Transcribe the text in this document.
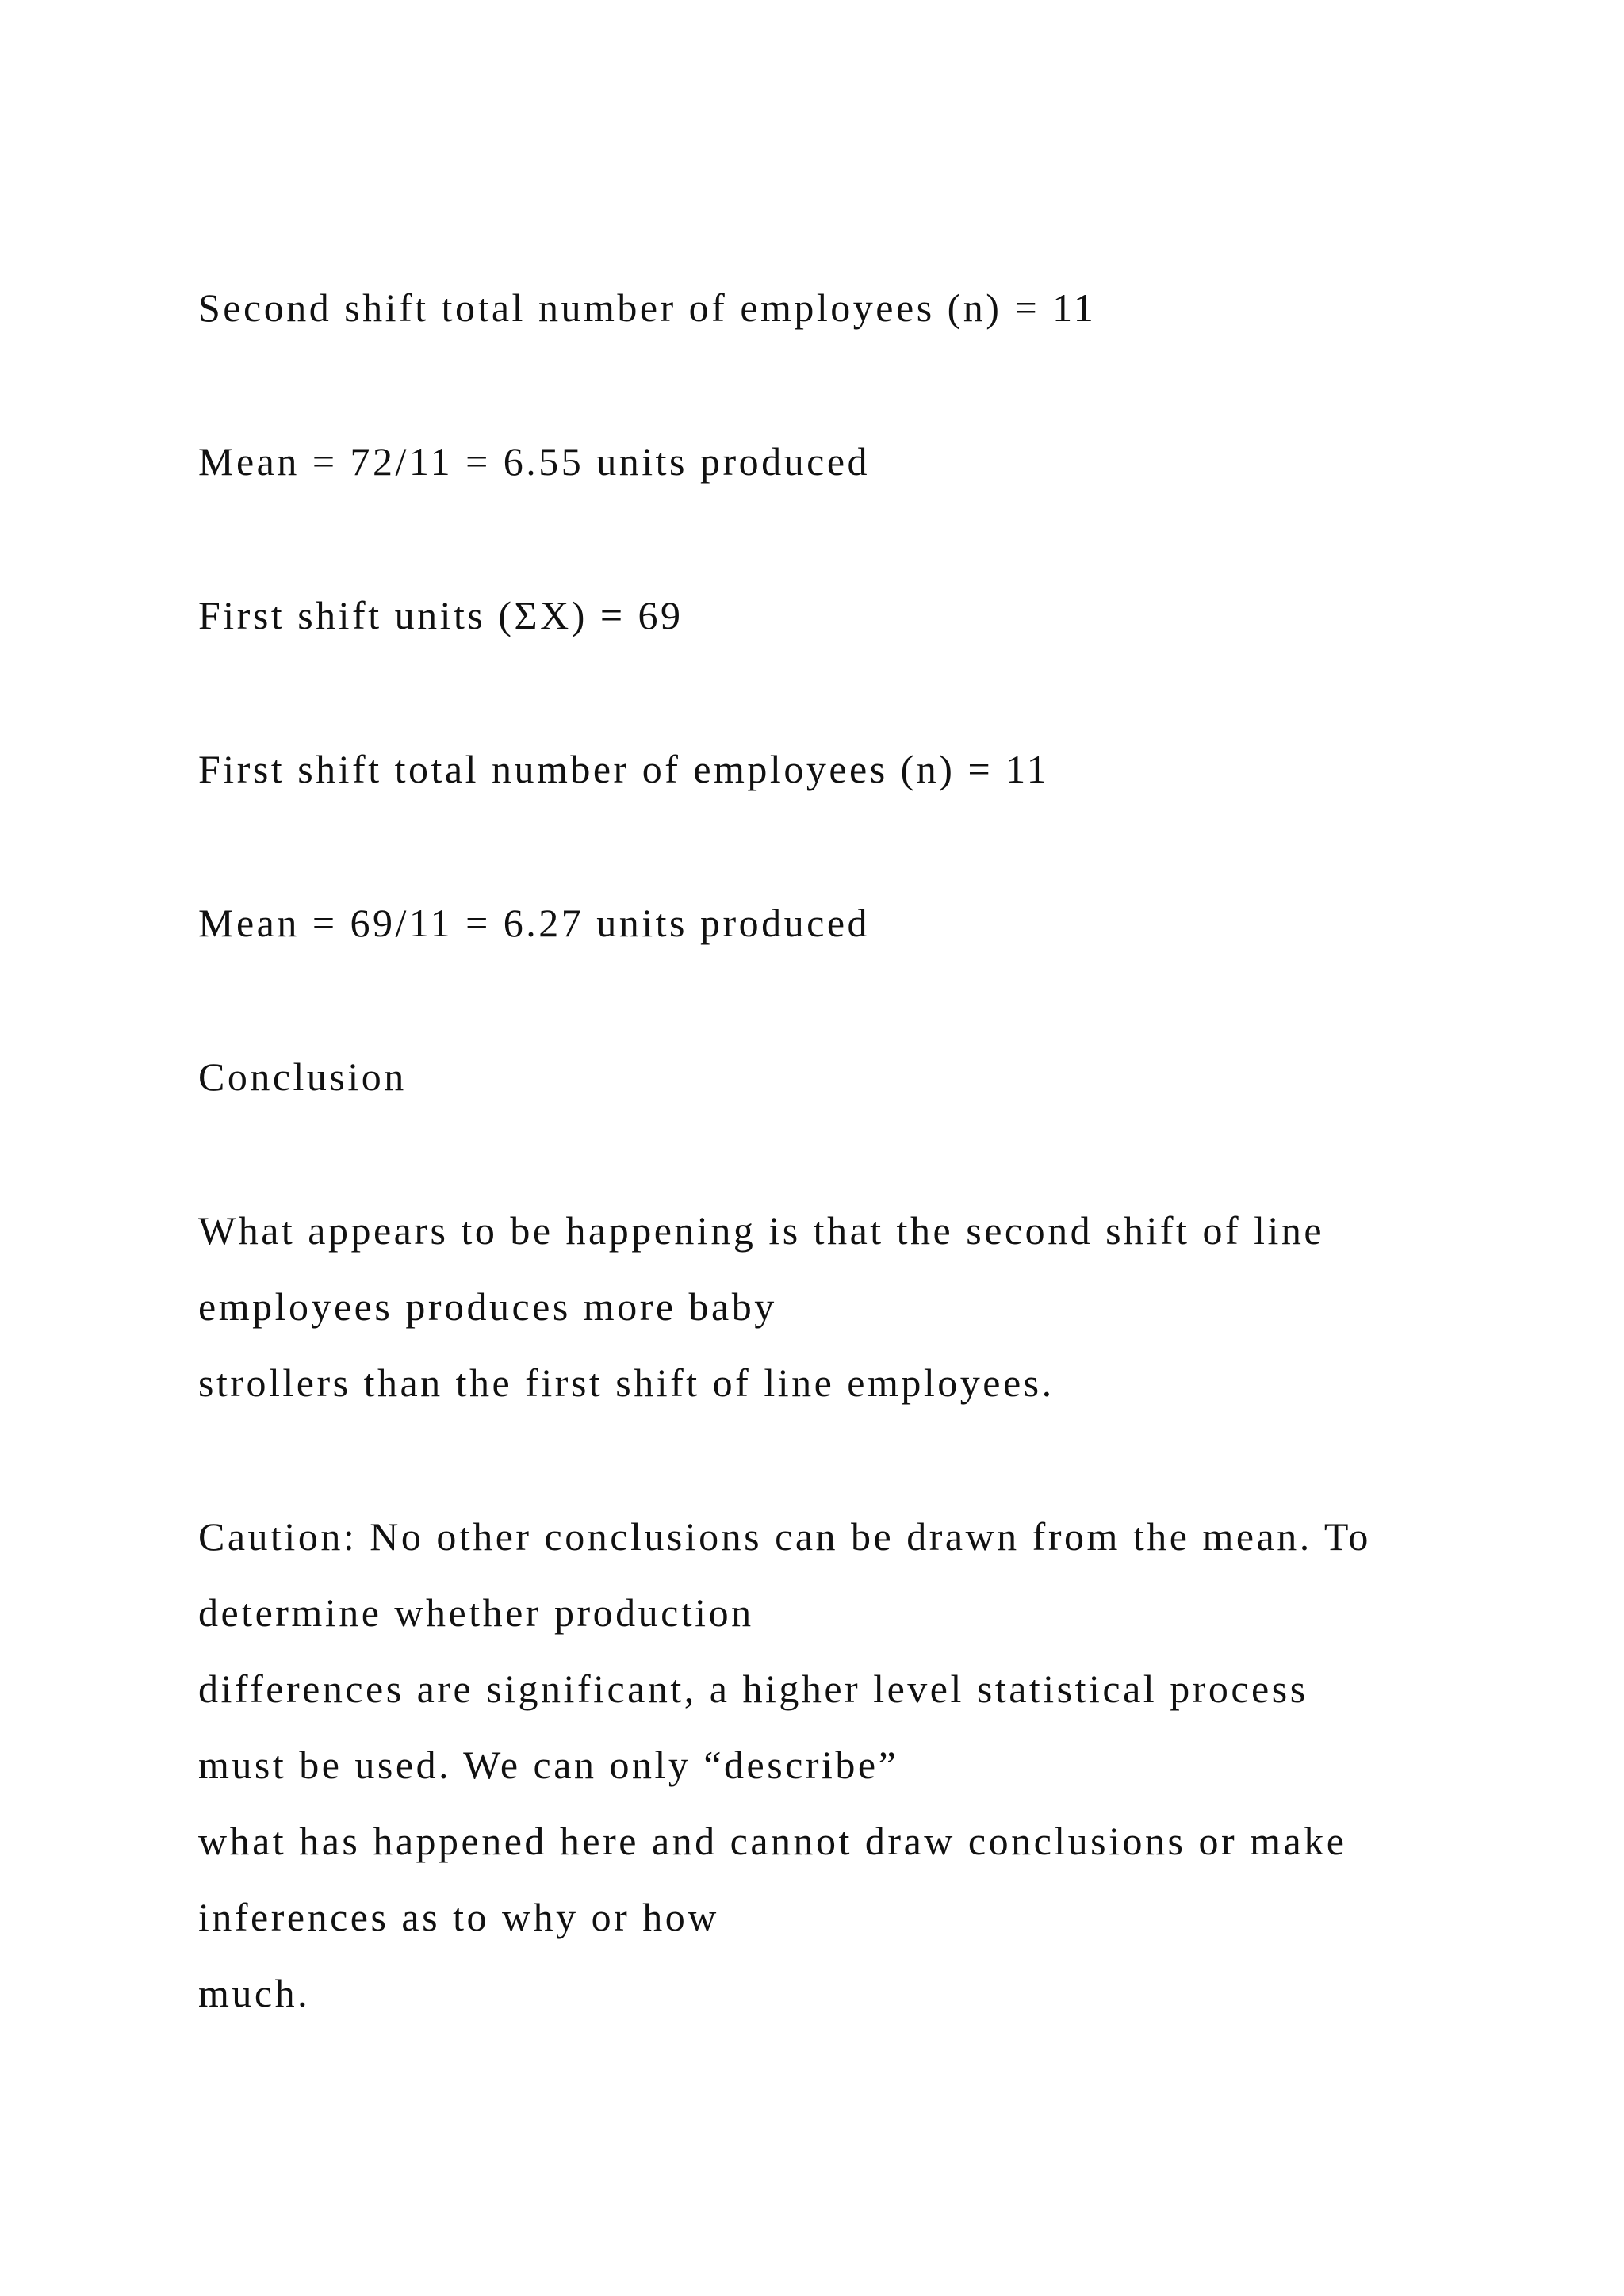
Second shift total number of employees (n) = 11

Mean = 72/11 = 6.55 units produced

First shift units (ΣX) = 69

First shift total number of employees (n) = 11

Mean = 69/11 = 6.27 units produced

Conclusion

What appears to be happening is that the second shift of line
employees produces more baby
strollers than the first shift of line employees.

Caution: No other conclusions can be drawn from the mean. To
determine whether production
differences are significant, a higher level statistical process
must be used. We can only “describe”
what has happened here and cannot draw conclusions or make
inferences as to why or how
much.
